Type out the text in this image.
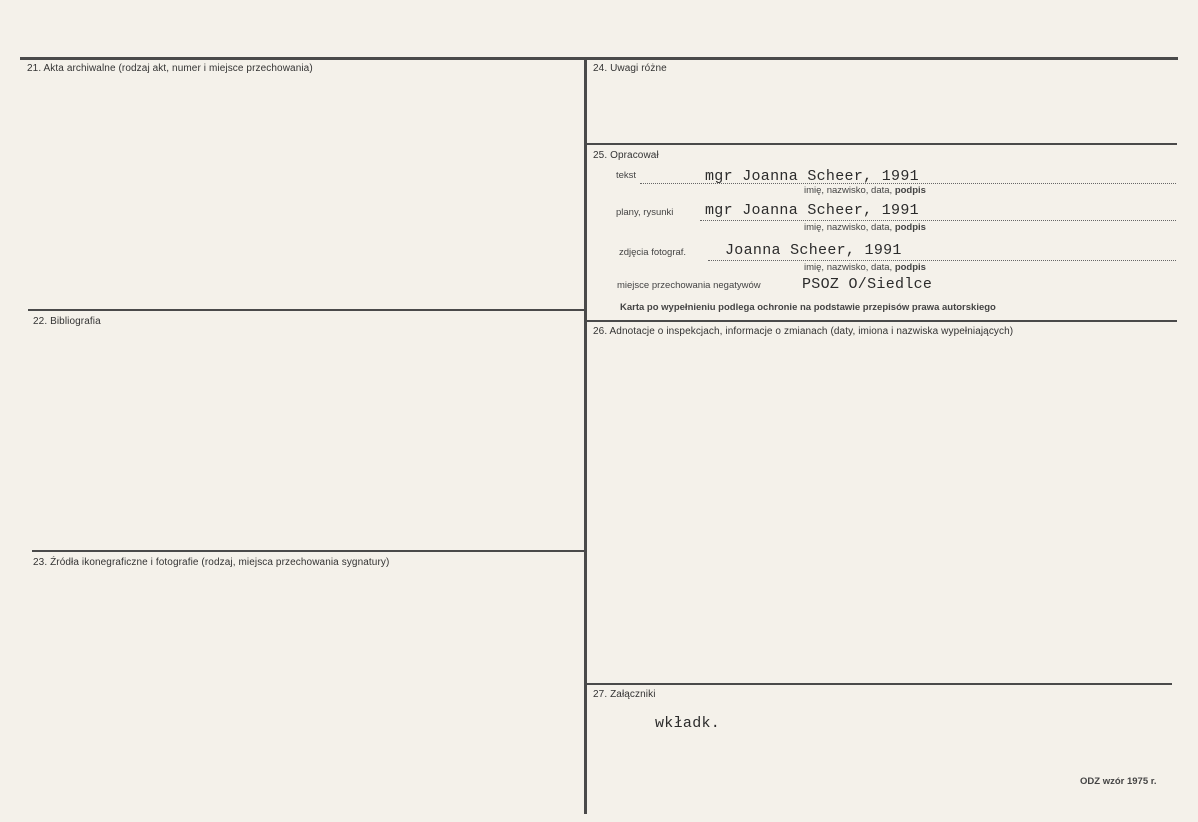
21. Akta archiwalne (rodzaj akt, numer i miejsce przechowania)
22. Bibliografia
23. Źródła ikonegraficzne i fotografie (rodzaj, miejsca przechowania sygnatury)
24. Uwagi różne
25. Opracował
tekst	mgr Joanna Scheer, 1991
imię, nazwisko, data, podpis
plany, rysunki mgr Joanna Scheer, 1991
imię, nazwisko, data, podpis
zdjęcia fotograf.	Joanna Scheer, 1991
imię, nazwisko, data, podpis
miejsce przechowania negatywów	PSOZ O/Siedlce
Karta po wypełnieniu podlega ochronie na podstawie przepisów prawa autorskiego
26. Adnotacje o inspekcjach, informacje o zmianach (daty, imiona i nazwiska wypełniających)
27. Załączniki
wkładk.
ODZ wzór 1975 r.
